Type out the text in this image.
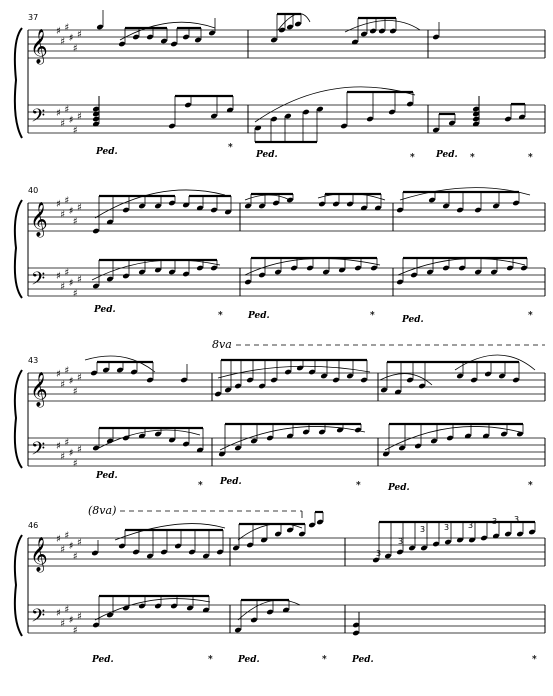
37
𝄞
𝄢
40
𝄞
𝄢
43
𝄞
𝄢
8va
46
𝄞
𝄢
(8va)
♯
♯
♯
♯
♯
♯
♯
♯
♯
♯
♯
♯
♯
♯
♯
♯
♯
♯
♯
♯
♯
♯
♯
♯
♯
♯
♯
♯
♯
♯
♯
♯
♯
♯
♯
♯
♯
♯
♯
♯
♯
♯
♯
♯
♯
♯
♯
♯
Ped.	*
Ped.	* Ped. *	*
Ped.
*	Ped.	*	Ped.	*
Ped.
* Ped.	*	Ped.	*
Ped.	*	Ped.	*	Ped.	*
3
3
3 3 3 3 3
